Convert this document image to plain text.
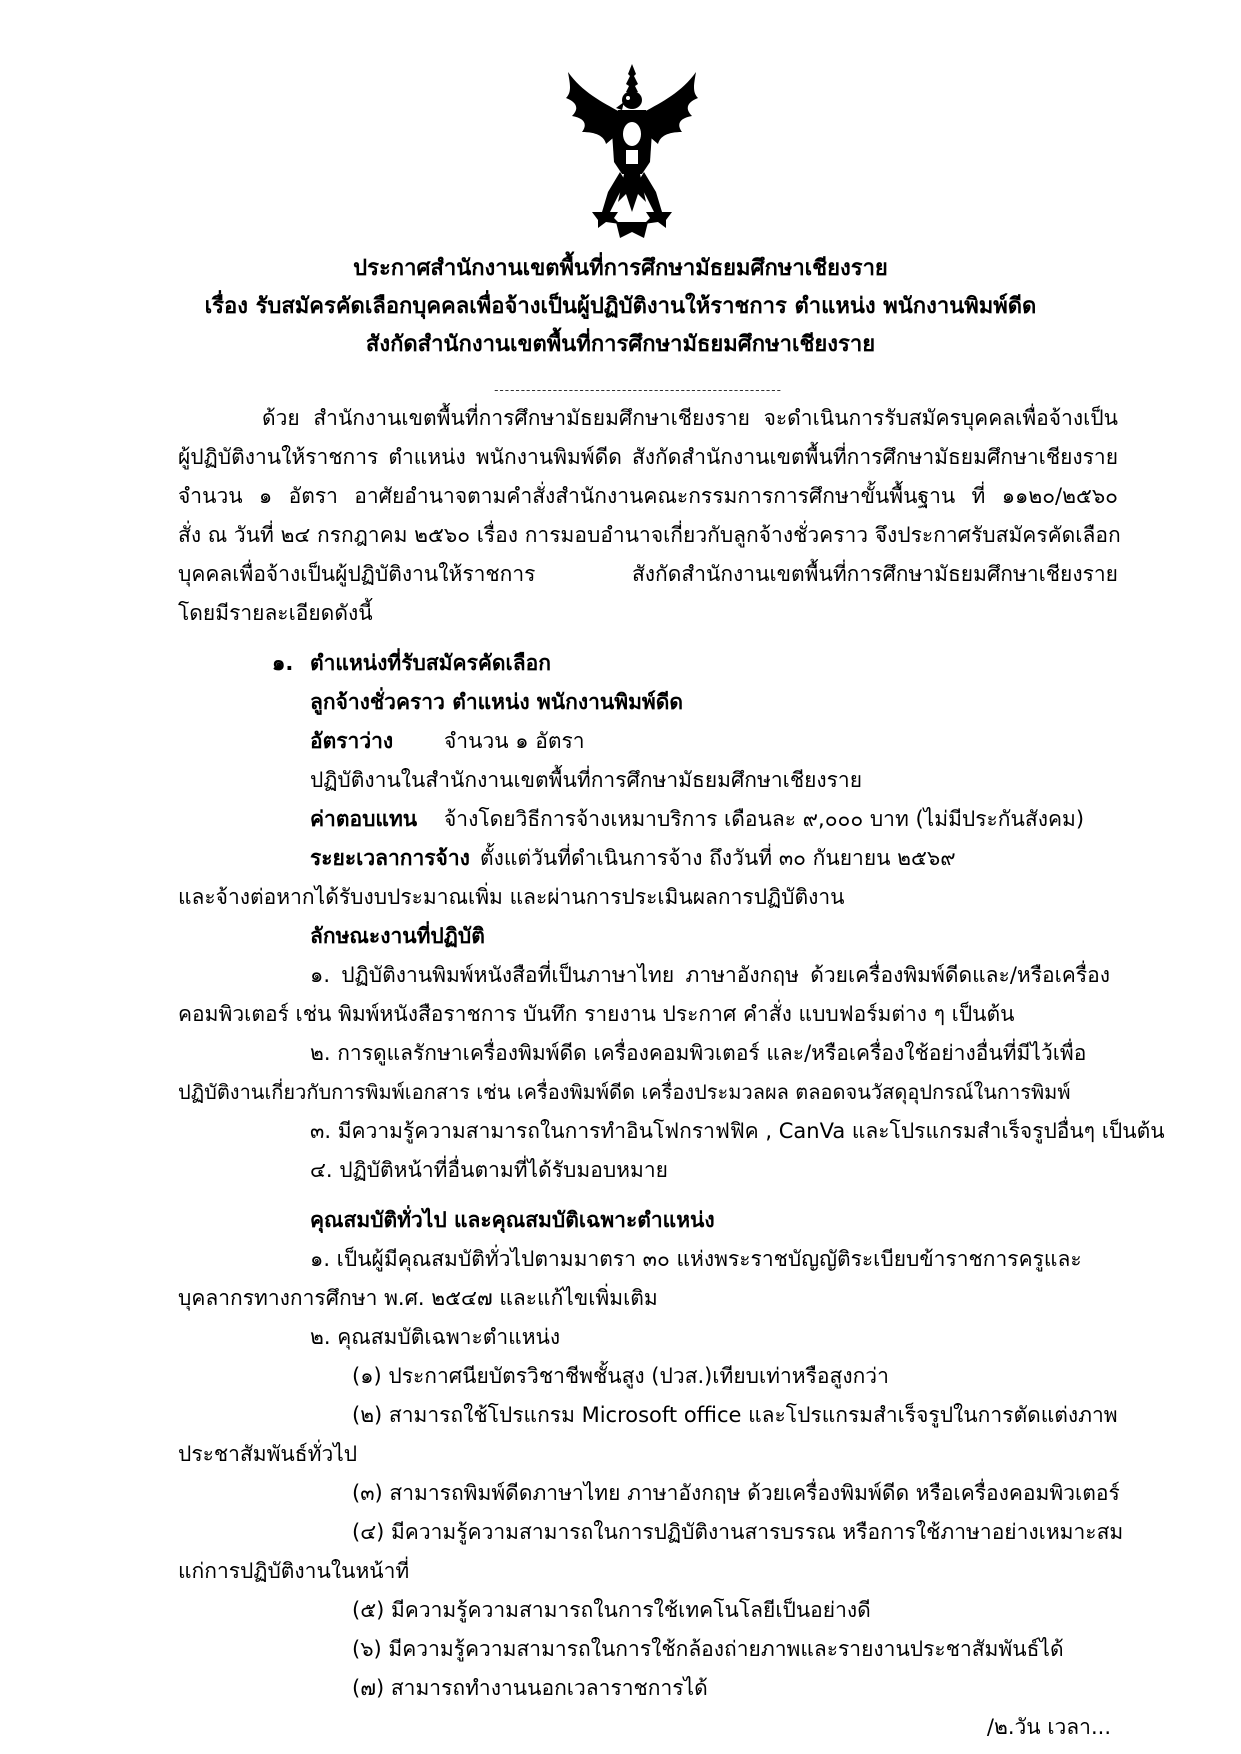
ประกาศสำนักงานเขตพื้นที่การศึกษามัธยมศึกษาเชียงราย
เรื่อง รับสมัครคัดเลือกบุคคลเพื่อจ้างเป็นผู้ปฏิบัติงานให้ราชการ ตำแหน่ง พนักงานพิมพ์ดีด
สังกัดสำนักงานเขตพื้นที่การศึกษามัธยมศึกษาเชียงราย
------------------------------------------------------
ด้วย สำนักงานเขตพื้นที่การศึกษามัธยมศึกษาเชียงราย จะดำเนินการรับสมัครบุคคลเพื่อจ้างเป็น
ผู้ปฏิบัติงานให้ราชการ ตำแหน่ง พนักงานพิมพ์ดีด สังกัดสำนักงานเขตพื้นที่การศึกษามัธยมศึกษาเชียงราย
จำนวน ๑ อัตรา อาศัยอำนาจตามคำสั่งสำนักงานคณะกรรมการการศึกษาขั้นพื้นฐาน ที่ ๑๑๒๐/๒๕๖๐
สั่ง ณ วันที่ ๒๔ กรกฎาคม ๒๕๖๐ เรื่อง การมอบอำนาจเกี่ยวกับลูกจ้างชั่วคราว จึงประกาศรับสมัครคัดเลือก
บุคคลเพื่อจ้างเป็นผู้ปฏิบัติงานให้ราชการ สังกัดสำนักงานเขตพื้นที่การศึกษามัธยมศึกษาเชียงราย
โดยมีรายละเอียดดังนี้
๑. ตำแหน่งที่รับสมัครคัดเลือก
ลูกจ้างชั่วคราว ตำแหน่ง พนักงานพิมพ์ดีด
อัตราว่าง จำนวน ๑ อัตรา
ปฏิบัติงานในสำนักงานเขตพื้นที่การศึกษามัธยมศึกษาเชียงราย
ค่าตอบแทน จ้างโดยวิธีการจ้างเหมาบริการ เดือนละ ๙,๐๐๐ บาท (ไม่มีประกันสังคม)
ระยะเวลาการจ้าง ตั้งแต่วันที่ดำเนินการจ้าง ถึงวันที่ ๓๐ กันยายน ๒๕๖๙
และจ้างต่อหากได้รับงบประมาณเพิ่ม และผ่านการประเมินผลการปฏิบัติงาน
ลักษณะงานที่ปฏิบัติ
๑. ปฏิบัติงานพิมพ์หนังสือที่เป็นภาษาไทย ภาษาอังกฤษ ด้วยเครื่องพิมพ์ดีดและ/หรือเครื่อง
คอมพิวเตอร์ เช่น พิมพ์หนังสือราชการ บันทึก รายงาน ประกาศ คำสั่ง แบบฟอร์มต่าง ๆ เป็นต้น
๒. การดูแลรักษาเครื่องพิมพ์ดีด เครื่องคอมพิวเตอร์ และ/หรือเครื่องใช้อย่างอื่นที่มีไว้เพื่อ
ปฏิบัติงานเกี่ยวกับการพิมพ์เอกสาร เช่น เครื่องพิมพ์ดีด เครื่องประมวลผล ตลอดจนวัสดุอุปกรณ์ในการพิมพ์
๓. มีความรู้ความสามารถในการทำอินโฟกราฟฟิค , CanVa และโปรแกรมสำเร็จรูปอื่นๆ เป็นต้น
๔. ปฏิบัติหน้าที่อื่นตามที่ได้รับมอบหมาย
คุณสมบัติทั่วไป และคุณสมบัติเฉพาะตำแหน่ง
๑. เป็นผู้มีคุณสมบัติทั่วไปตามมาตรา ๓๐ แห่งพระราชบัญญัติระเบียบข้าราชการครูและ
บุคลากรทางการศึกษา พ.ศ. ๒๕๔๗ และแก้ไขเพิ่มเติม
๒. คุณสมบัติเฉพาะตำแหน่ง
(๑) ประกาศนียบัตรวิชาชีพชั้นสูง (ปวส.)เทียบเท่าหรือสูงกว่า
(๒) สามารถใช้โปรแกรม Microsoft office และโปรแกรมสำเร็จรูปในการตัดแต่งภาพ
ประชาสัมพันธ์ทั่วไป
(๓) สามารถพิมพ์ดีดภาษาไทย ภาษาอังกฤษ ด้วยเครื่องพิมพ์ดีด หรือเครื่องคอมพิวเตอร์
(๔) มีความรู้ความสามารถในการปฏิบัติงานสารบรรณ หรือการใช้ภาษาอย่างเหมาะสม
แก่การปฏิบัติงานในหน้าที่
(๕) มีความรู้ความสามารถในการใช้เทคโนโลยีเป็นอย่างดี
(๖) มีความรู้ความสามารถในการใช้กล้องถ่ายภาพและรายงานประชาสัมพันธ์ได้
(๗) สามารถทำงานนอกเวลาราชการได้
/๒.วัน เวลา...
